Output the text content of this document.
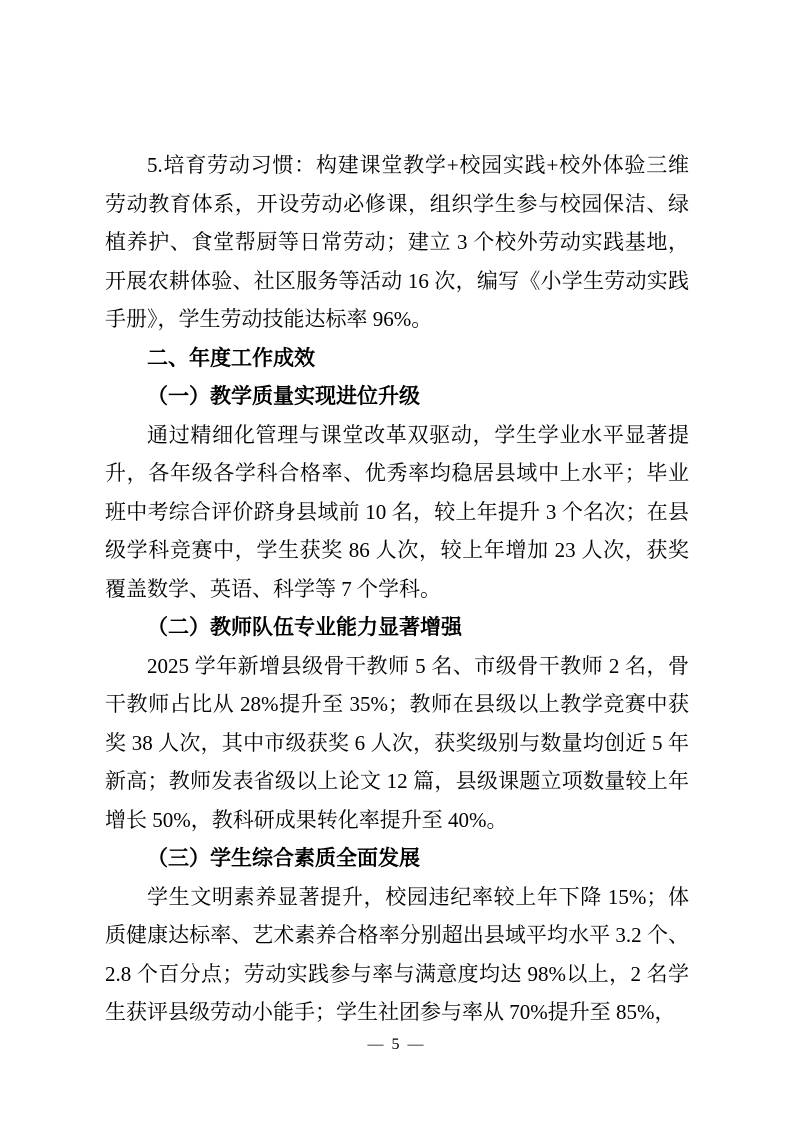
5.培育劳动习惯：构建课堂教学+校园实践+校外体验三维劳动教育体系，开设劳动必修课，组织学生参与校园保洁、绿植养护、食堂帮厨等日常劳动；建立 3 个校外劳动实践基地，开展农耕体验、社区服务等活动 16 次，编写《小学生劳动实践手册》，学生劳动技能达标率 96%。

二、年度工作成效

（一）教学质量实现进位升级

通过精细化管理与课堂改革双驱动，学生学业水平显著提升，各年级各学科合格率、优秀率均稳居县域中上水平；毕业班中考综合评价跻身县域前 10 名，较上年提升 3 个名次；在县级学科竞赛中，学生获奖 86 人次，较上年增加 23 人次，获奖覆盖数学、英语、科学等 7 个学科。

（二）教师队伍专业能力显著增强

2025 学年新增县级骨干教师 5 名、市级骨干教师 2 名，骨干教师占比从 28%提升至 35%；教师在县级以上教学竞赛中获奖 38 人次，其中市级获奖 6 人次，获奖级别与数量均创近 5 年新高；教师发表省级以上论文 12 篇，县级课题立项数量较上年增长 50%，教科研成果转化率提升至 40%。

（三）学生综合素质全面发展

学生文明素养显著提升，校园违纪率较上年下降 15%；体质健康达标率、艺术素养合格率分别超出县域平均水平 3.2 个、2.8 个百分点；劳动实践参与率与满意度均达 98%以上，2 名学生获评县级劳动小能手；学生社团参与率从 70%提升至 85%，

— 5 —
